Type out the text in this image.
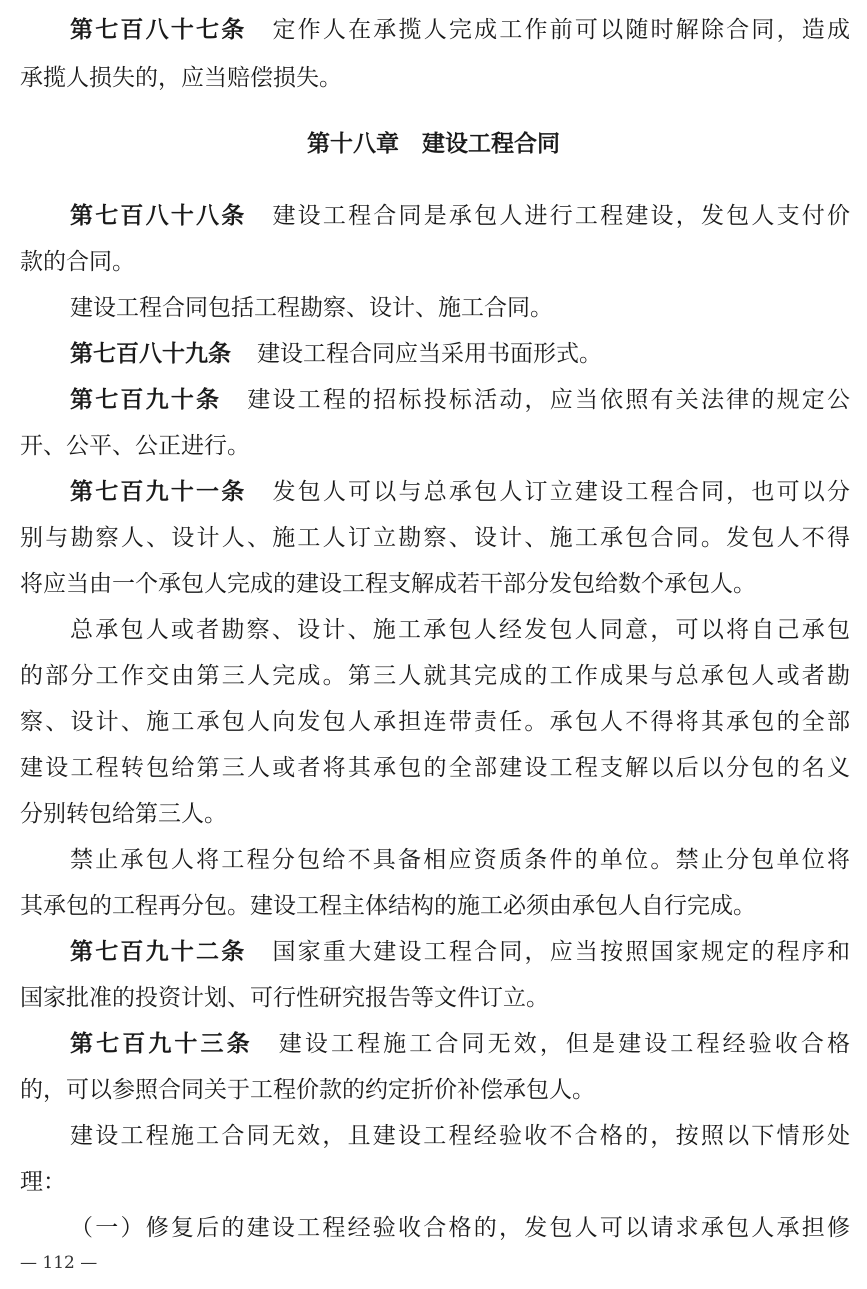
第七百八十七条 定作人在承揽人完成工作前可以随时解除合同，造成
承揽人损失的，应当赔偿损失。
第十八章　建设工程合同
第七百八十八条 建设工程合同是承包人进行工程建设，发包人支付价
款的合同。
建设工程合同包括工程勘察、设计、施工合同。
第七百八十九条 建设工程合同应当采用书面形式。
第七百九十条 建设工程的招标投标活动，应当依照有关法律的规定公
开、公平、公正进行。
第七百九十一条 发包人可以与总承包人订立建设工程合同，也可以分
别与勘察人、设计人、施工人订立勘察、设计、施工承包合同。发包人不得
将应当由一个承包人完成的建设工程支解成若干部分发包给数个承包人。
总承包人或者勘察、设计、施工承包人经发包人同意，可以将自己承包
的部分工作交由第三人完成。第三人就其完成的工作成果与总承包人或者勘
察、设计、施工承包人向发包人承担连带责任。承包人不得将其承包的全部
建设工程转包给第三人或者将其承包的全部建设工程支解以后以分包的名义
分别转包给第三人。
禁止承包人将工程分包给不具备相应资质条件的单位。禁止分包单位将
其承包的工程再分包。建设工程主体结构的施工必须由承包人自行完成。
第七百九十二条 国家重大建设工程合同，应当按照国家规定的程序和
国家批准的投资计划、可行性研究报告等文件订立。
第七百九十三条 建设工程施工合同无效，但是建设工程经验收合格
的，可以参照合同关于工程价款的约定折价补偿承包人。
建设工程施工合同无效，且建设工程经验收不合格的，按照以下情形处
理：
（一）修复后的建设工程经验收合格的，发包人可以请求承包人承担修
— 112 —
